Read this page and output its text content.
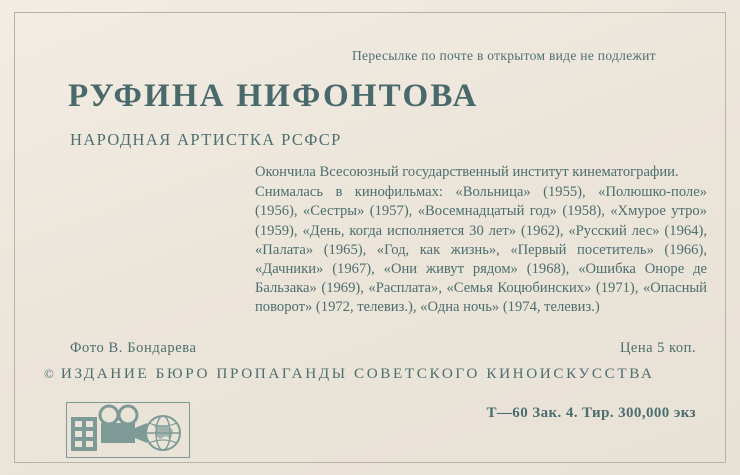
Пересылке по почте в открытом виде не подлежит
РУФИНА НИФОНТОВА
НАРОДНАЯ АРТИСТКА РСФСР

Окончила Всесоюзный государственный институт кинематографии.

Снималась в кинофильмах: «Вольница» (1955), «Полюшко-поле» (1956), «Сестры» (1957), «Восемнадцатый год» (1958), «Хмурое утро» (1959), «День, когда исполняется 30 лет» (1962), «Русский лес» (1964), «Палата» (1965), «Год, как жизнь», «Первый посетитель» (1966), «Дачники» (1967), «Они живут рядом» (1968), «Ошибка Оноре де Бальзака» (1969), «Расплата», «Семья Коцюбинских» (1971), «Опасный поворот» (1972, телевиз.), «Одна ночь» (1974, телевиз.)

Фото В. Бондарева	Цена 5 коп.
© ИЗДАНИЕ БЮРО ПРОПАГАНДЫ СОВЕТСКОГО КИНОИСКУССТВА
Т—60 Зак. 4. Тир. 300,000 экз
